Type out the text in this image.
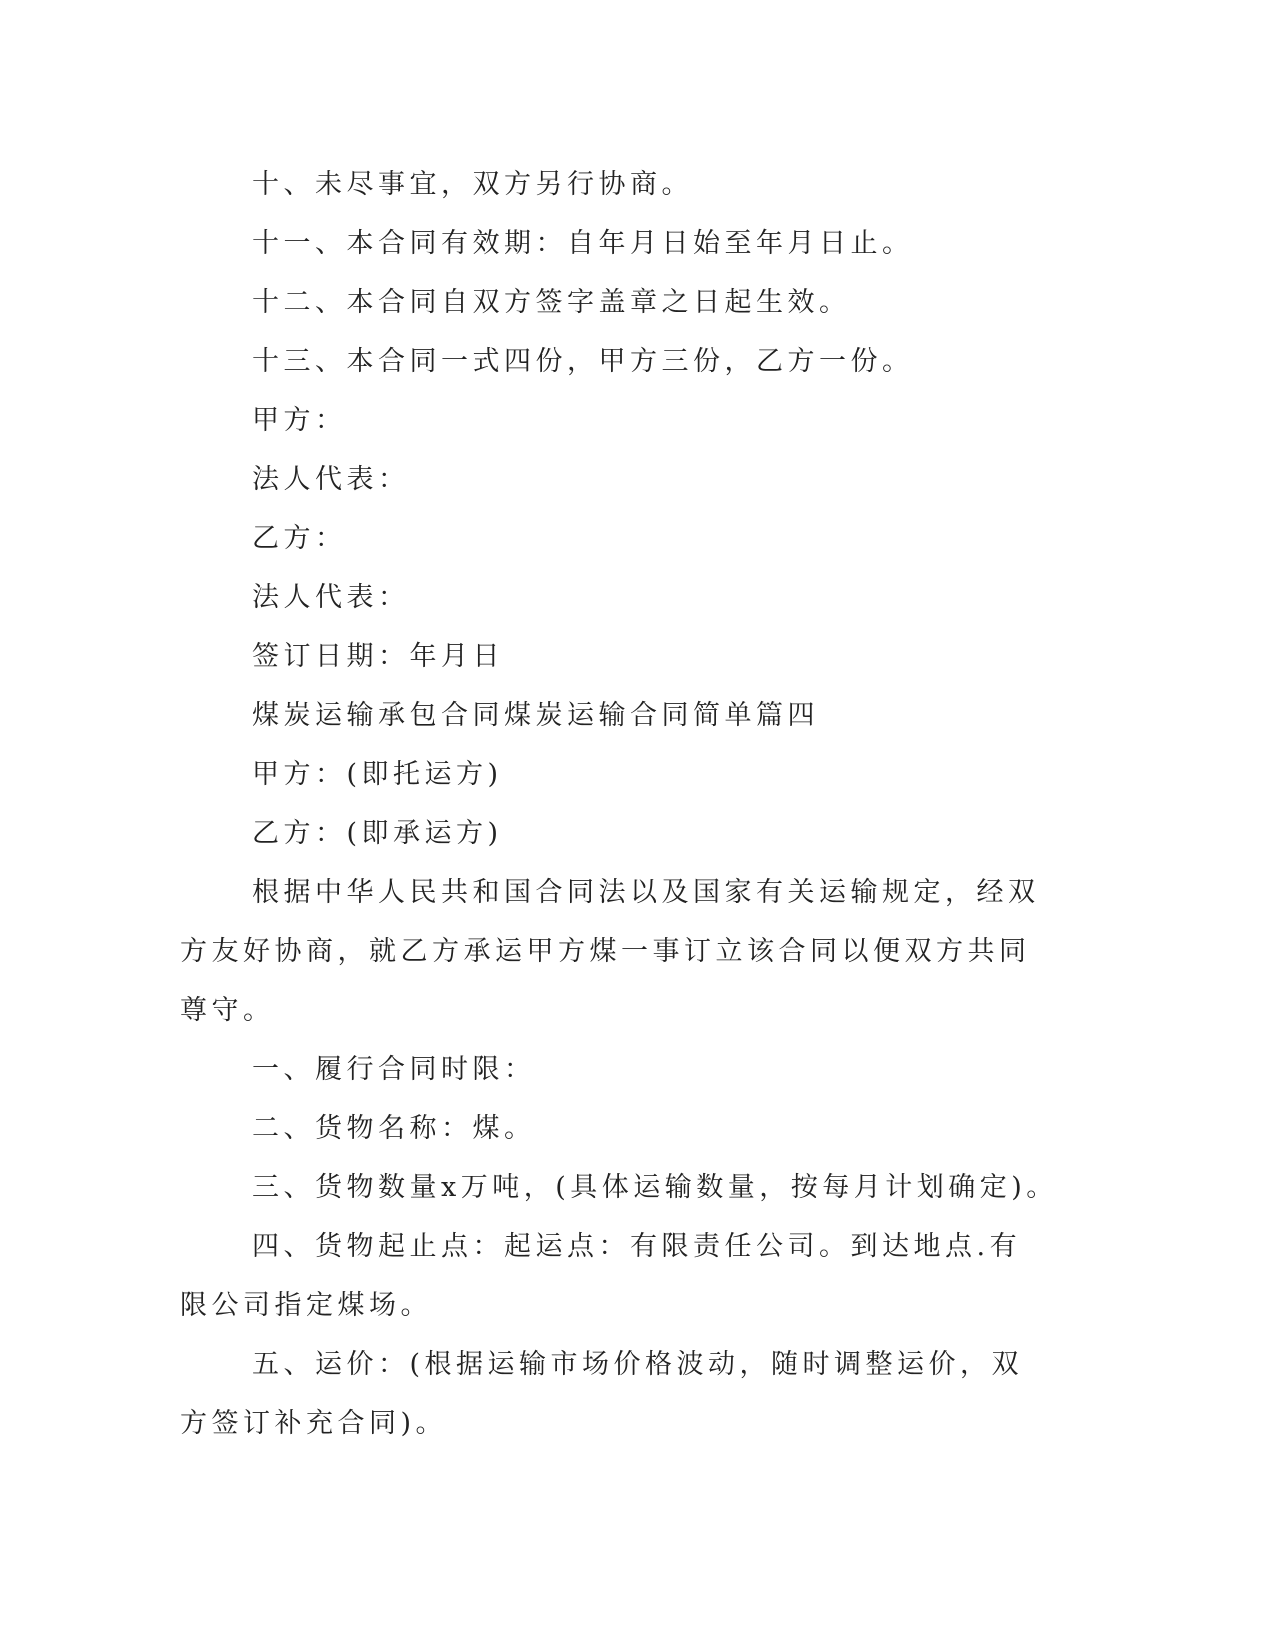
十、未尽事宜，双方另行协商。

十一、本合同有效期：自年月日始至年月日止。

十二、本合同自双方签字盖章之日起生效。

十三、本合同一式四份，甲方三份，乙方一份。

甲方：

法人代表：

乙方：

法人代表：

签订日期：年月日

煤炭运输承包合同煤炭运输合同简单篇四

甲方：(即托运方)

乙方：(即承运方)

根据中华人民共和国合同法以及国家有关运输规定，经双方友好协商，就乙方承运甲方煤一事订立该合同以便双方共同尊守。

一、履行合同时限：

二、货物名称：煤。

三、货物数量x万吨，(具体运输数量，按每月计划确定)。

四、货物起止点：起运点：有限责任公司。到达地点.有限公司指定煤场。

五、运价：(根据运输市场价格波动，随时调整运价，双方签订补充合同)。
